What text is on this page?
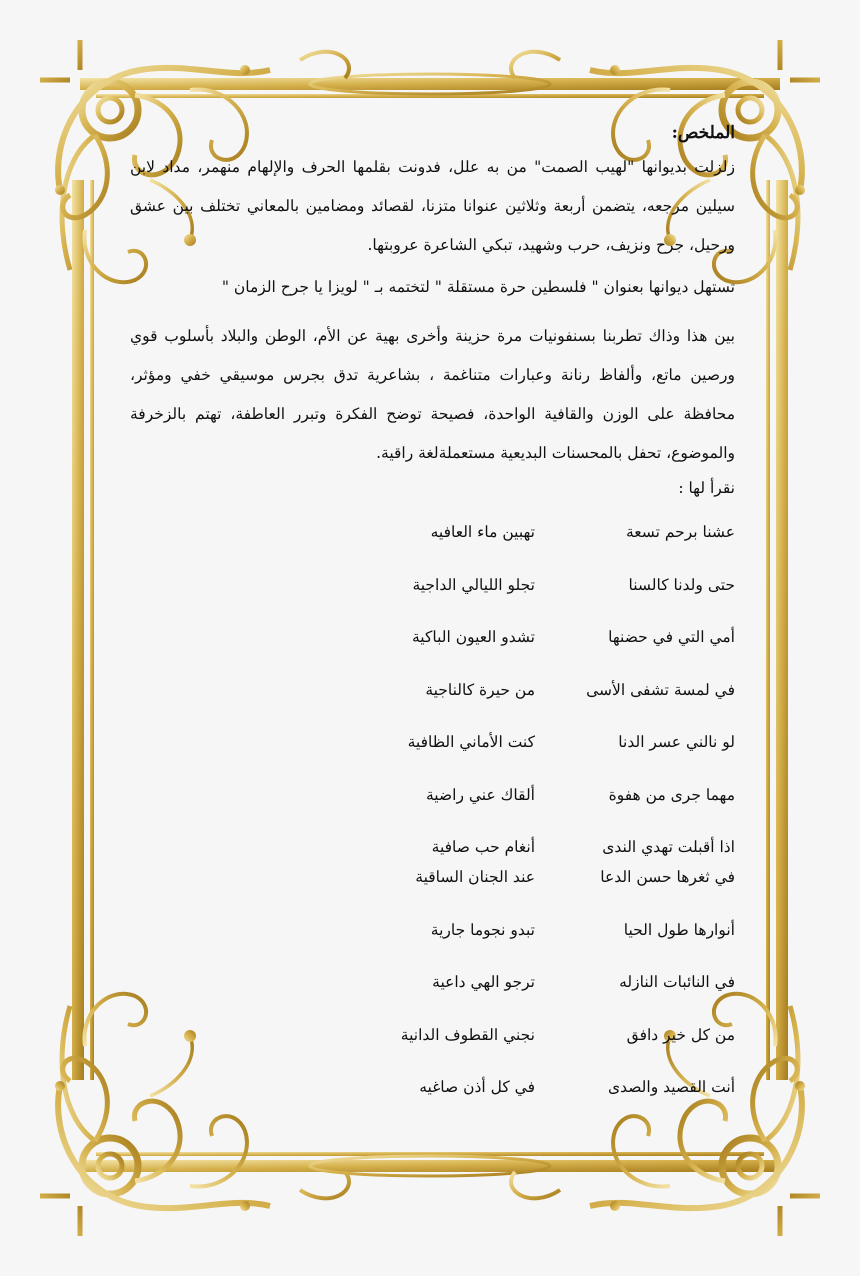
الملخص:

زلزلت بديوانها "لهيب الصمت" من به علل، فدونت بقلمها الحرف والإلهام منهمر، مداد لابن سيلين مرجعه، يتضمن أربعة وثلاثين عنوانا متزنا، لقصائد ومضامين بالمعاني تختلف بين عشق ورحيل، جرح ونزيف، حرب وشهيد، تبكي الشاعرة عروبتها.

تستهل ديوانها بعنوان " فلسطين حرة مستقلة " لتختمه بـ " لويزا يا جرح الزمان "

بين هذا وذاك تطربنا بسنفونيات مرة حزينة وأخرى بهية عن الأم، الوطن والبلاد بأسلوب قوي ورصين ماتع، وألفاظ رنانة وعبارات متناغمة ، بشاعرية تدق بجرس موسيقي خفي ومؤثر، محافظة على الوزن والقافية الواحدة، فصيحة توضح الفكرة وتبرر العاطفة، تهتم بالزخرفة والموضوع، تحفل بالمحسنات البديعية مستعملةلغة راقية.

نقرأ لها :

عشنا برحم تسعة
تهبين ماء العافيه
حتى ولدنا كالسنا
تجلو الليالي الداجية
أمي التي في حضنها
تشدو العيون الباكية
في لمسة تشفى الأسى
من حيرة كالناجية
لو نالني عسر الدنا
كنت الأماني الظافية
مهما جرى من هفوة
ألقاك عني راضية
اذا أقبلت تهدي الندى
أنغام حب صافية
في ثغرها حسن الدعا
عند الجنان الساقية
أنوارها طول الحيا
تبدو نجوما جارية
في النائبات النازله
ترجو الهي داعية
من كل خير دافق
نجني القطوف الدانية
أنت القصيد والصدى
في كل أذن صاغيه
